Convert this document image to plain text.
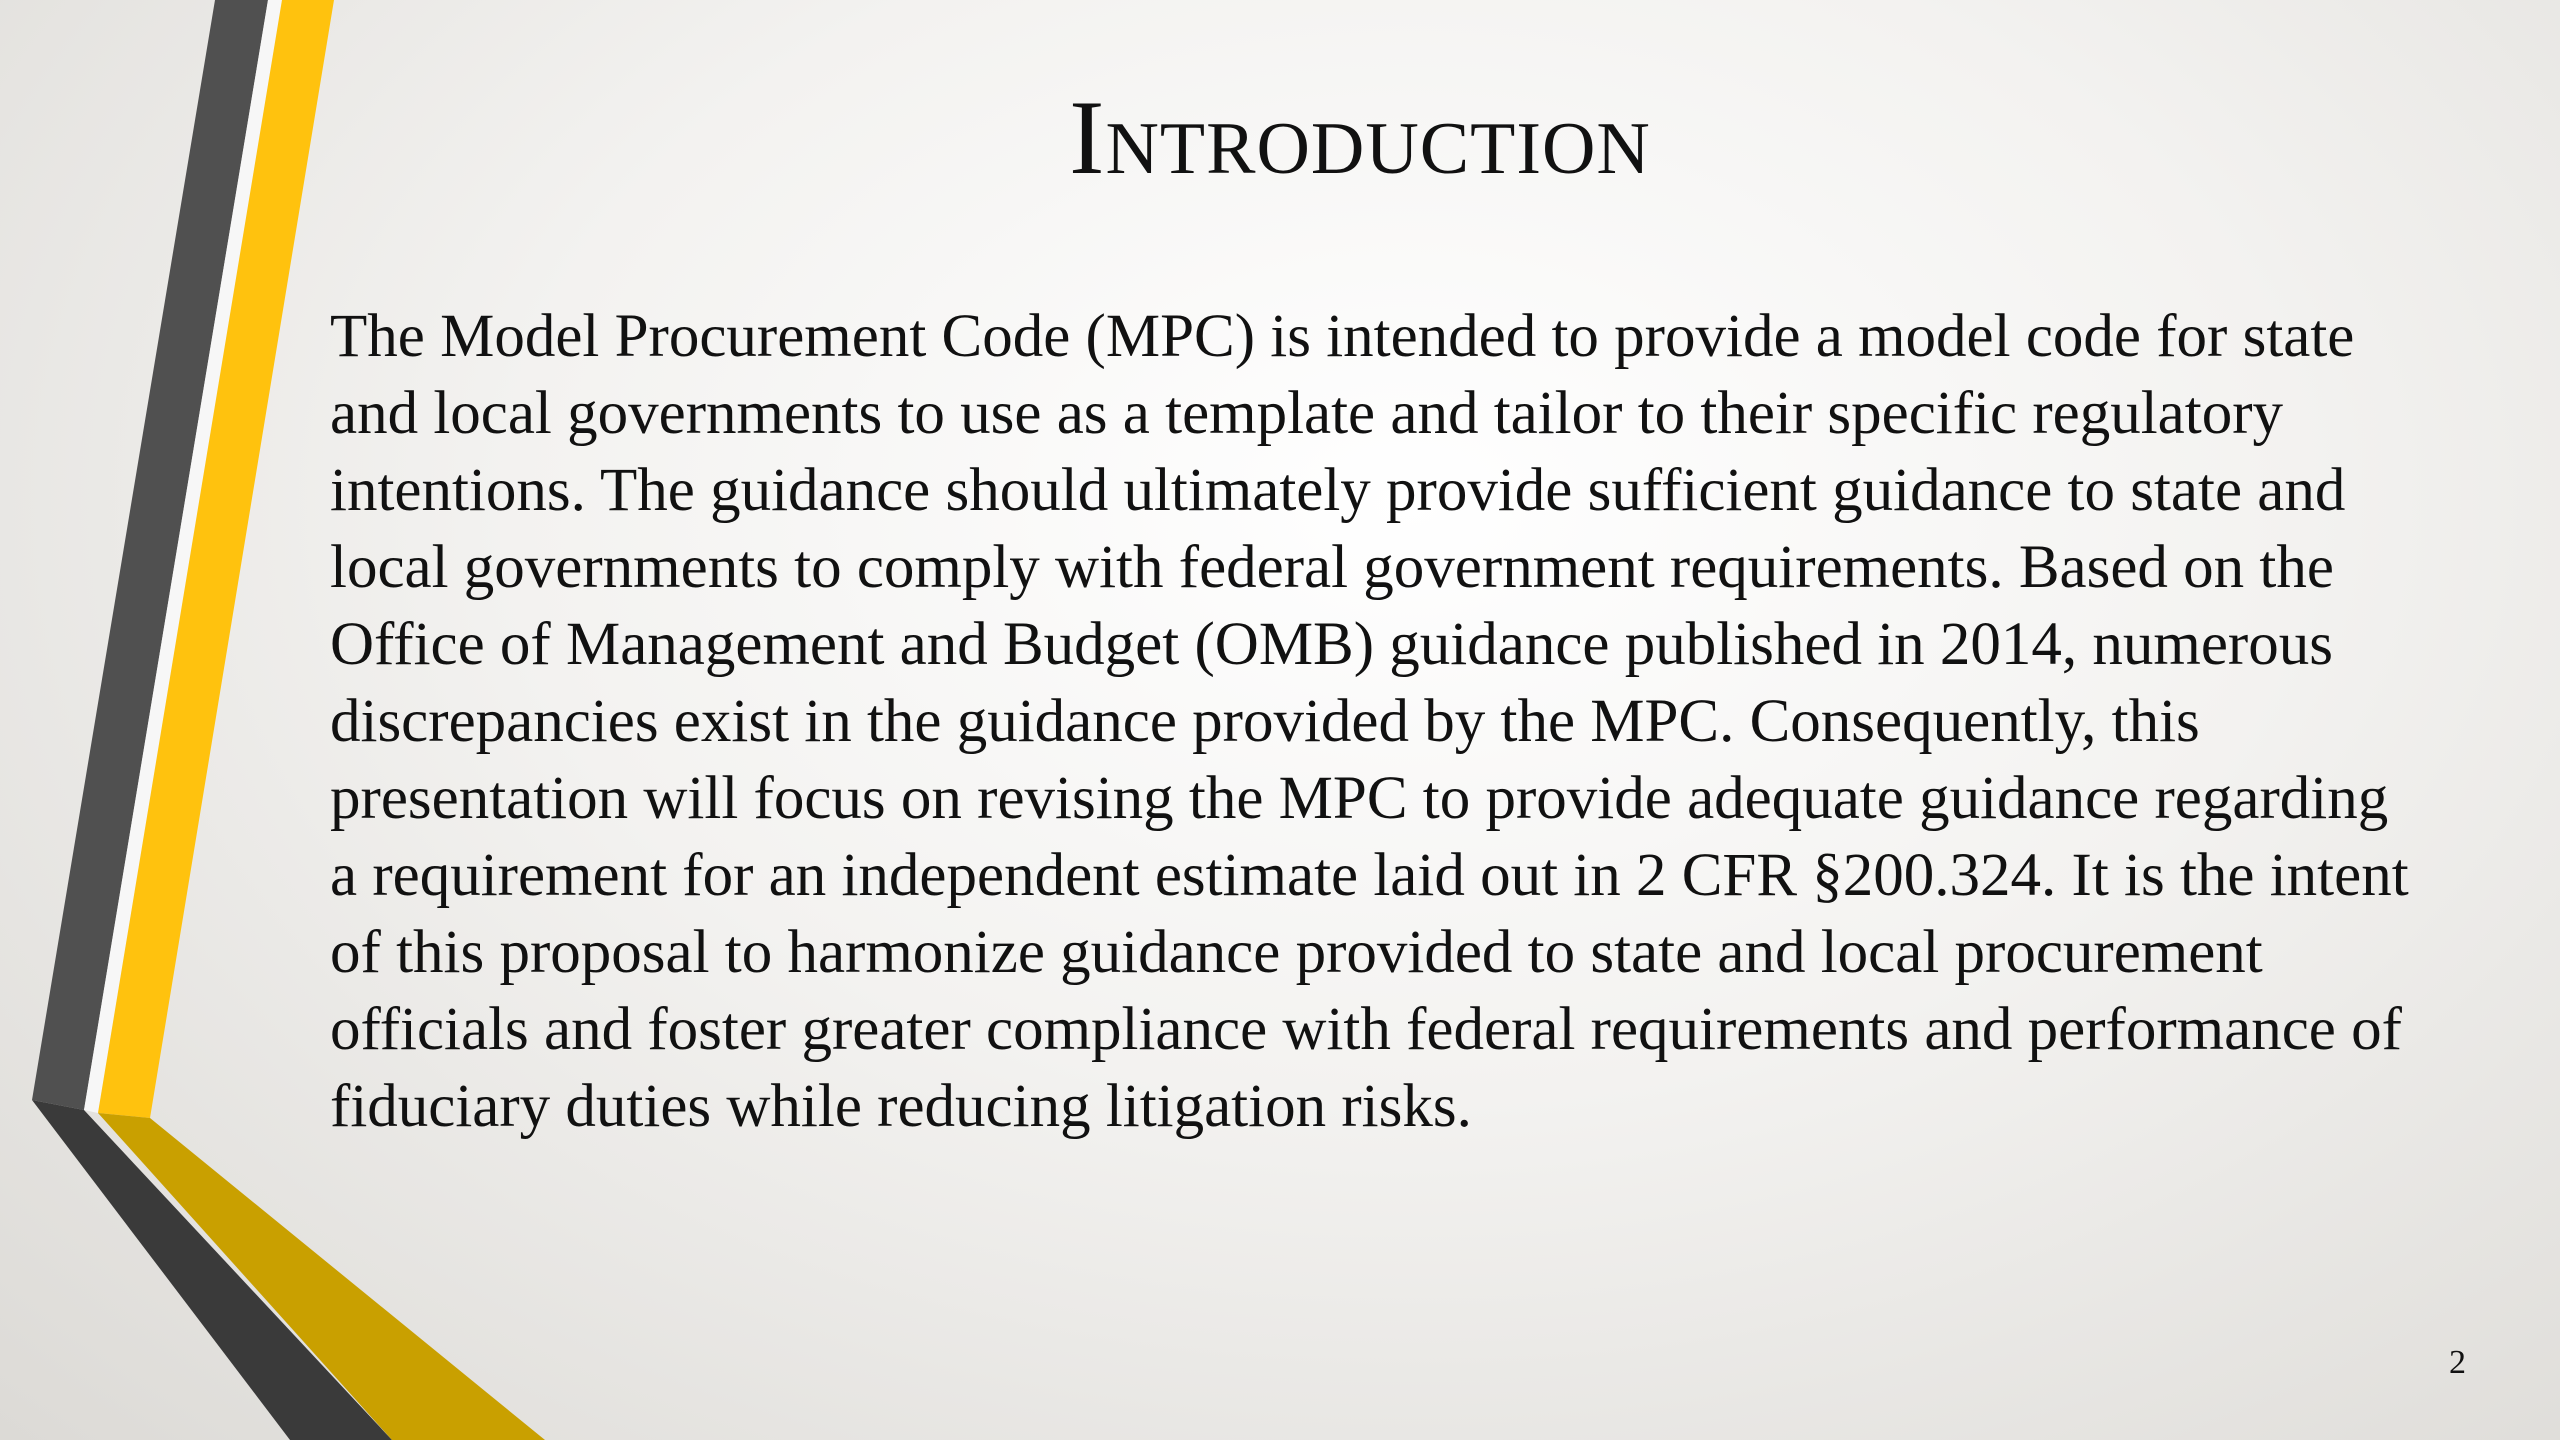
Introduction

The Model Procurement Code (MPC) is intended to provide a model code for state and local governments to use as a template and tailor to their specific regulatory intentions. The guidance should ultimately provide sufficient guidance to state and local governments to comply with federal government requirements. Based on the Office of Management and Budget (OMB) guidance published in 2014, numerous discrepancies exist in the guidance provided by the MPC. Consequently, this presentation will focus on revising the MPC to provide adequate guidance regarding a requirement for an independent estimate laid out in 2 CFR §200.324. It is the intent of this proposal to harmonize guidance provided to state and local procurement officials and foster greater compliance with federal requirements and performance of fiduciary duties while reducing litigation risks.

2
